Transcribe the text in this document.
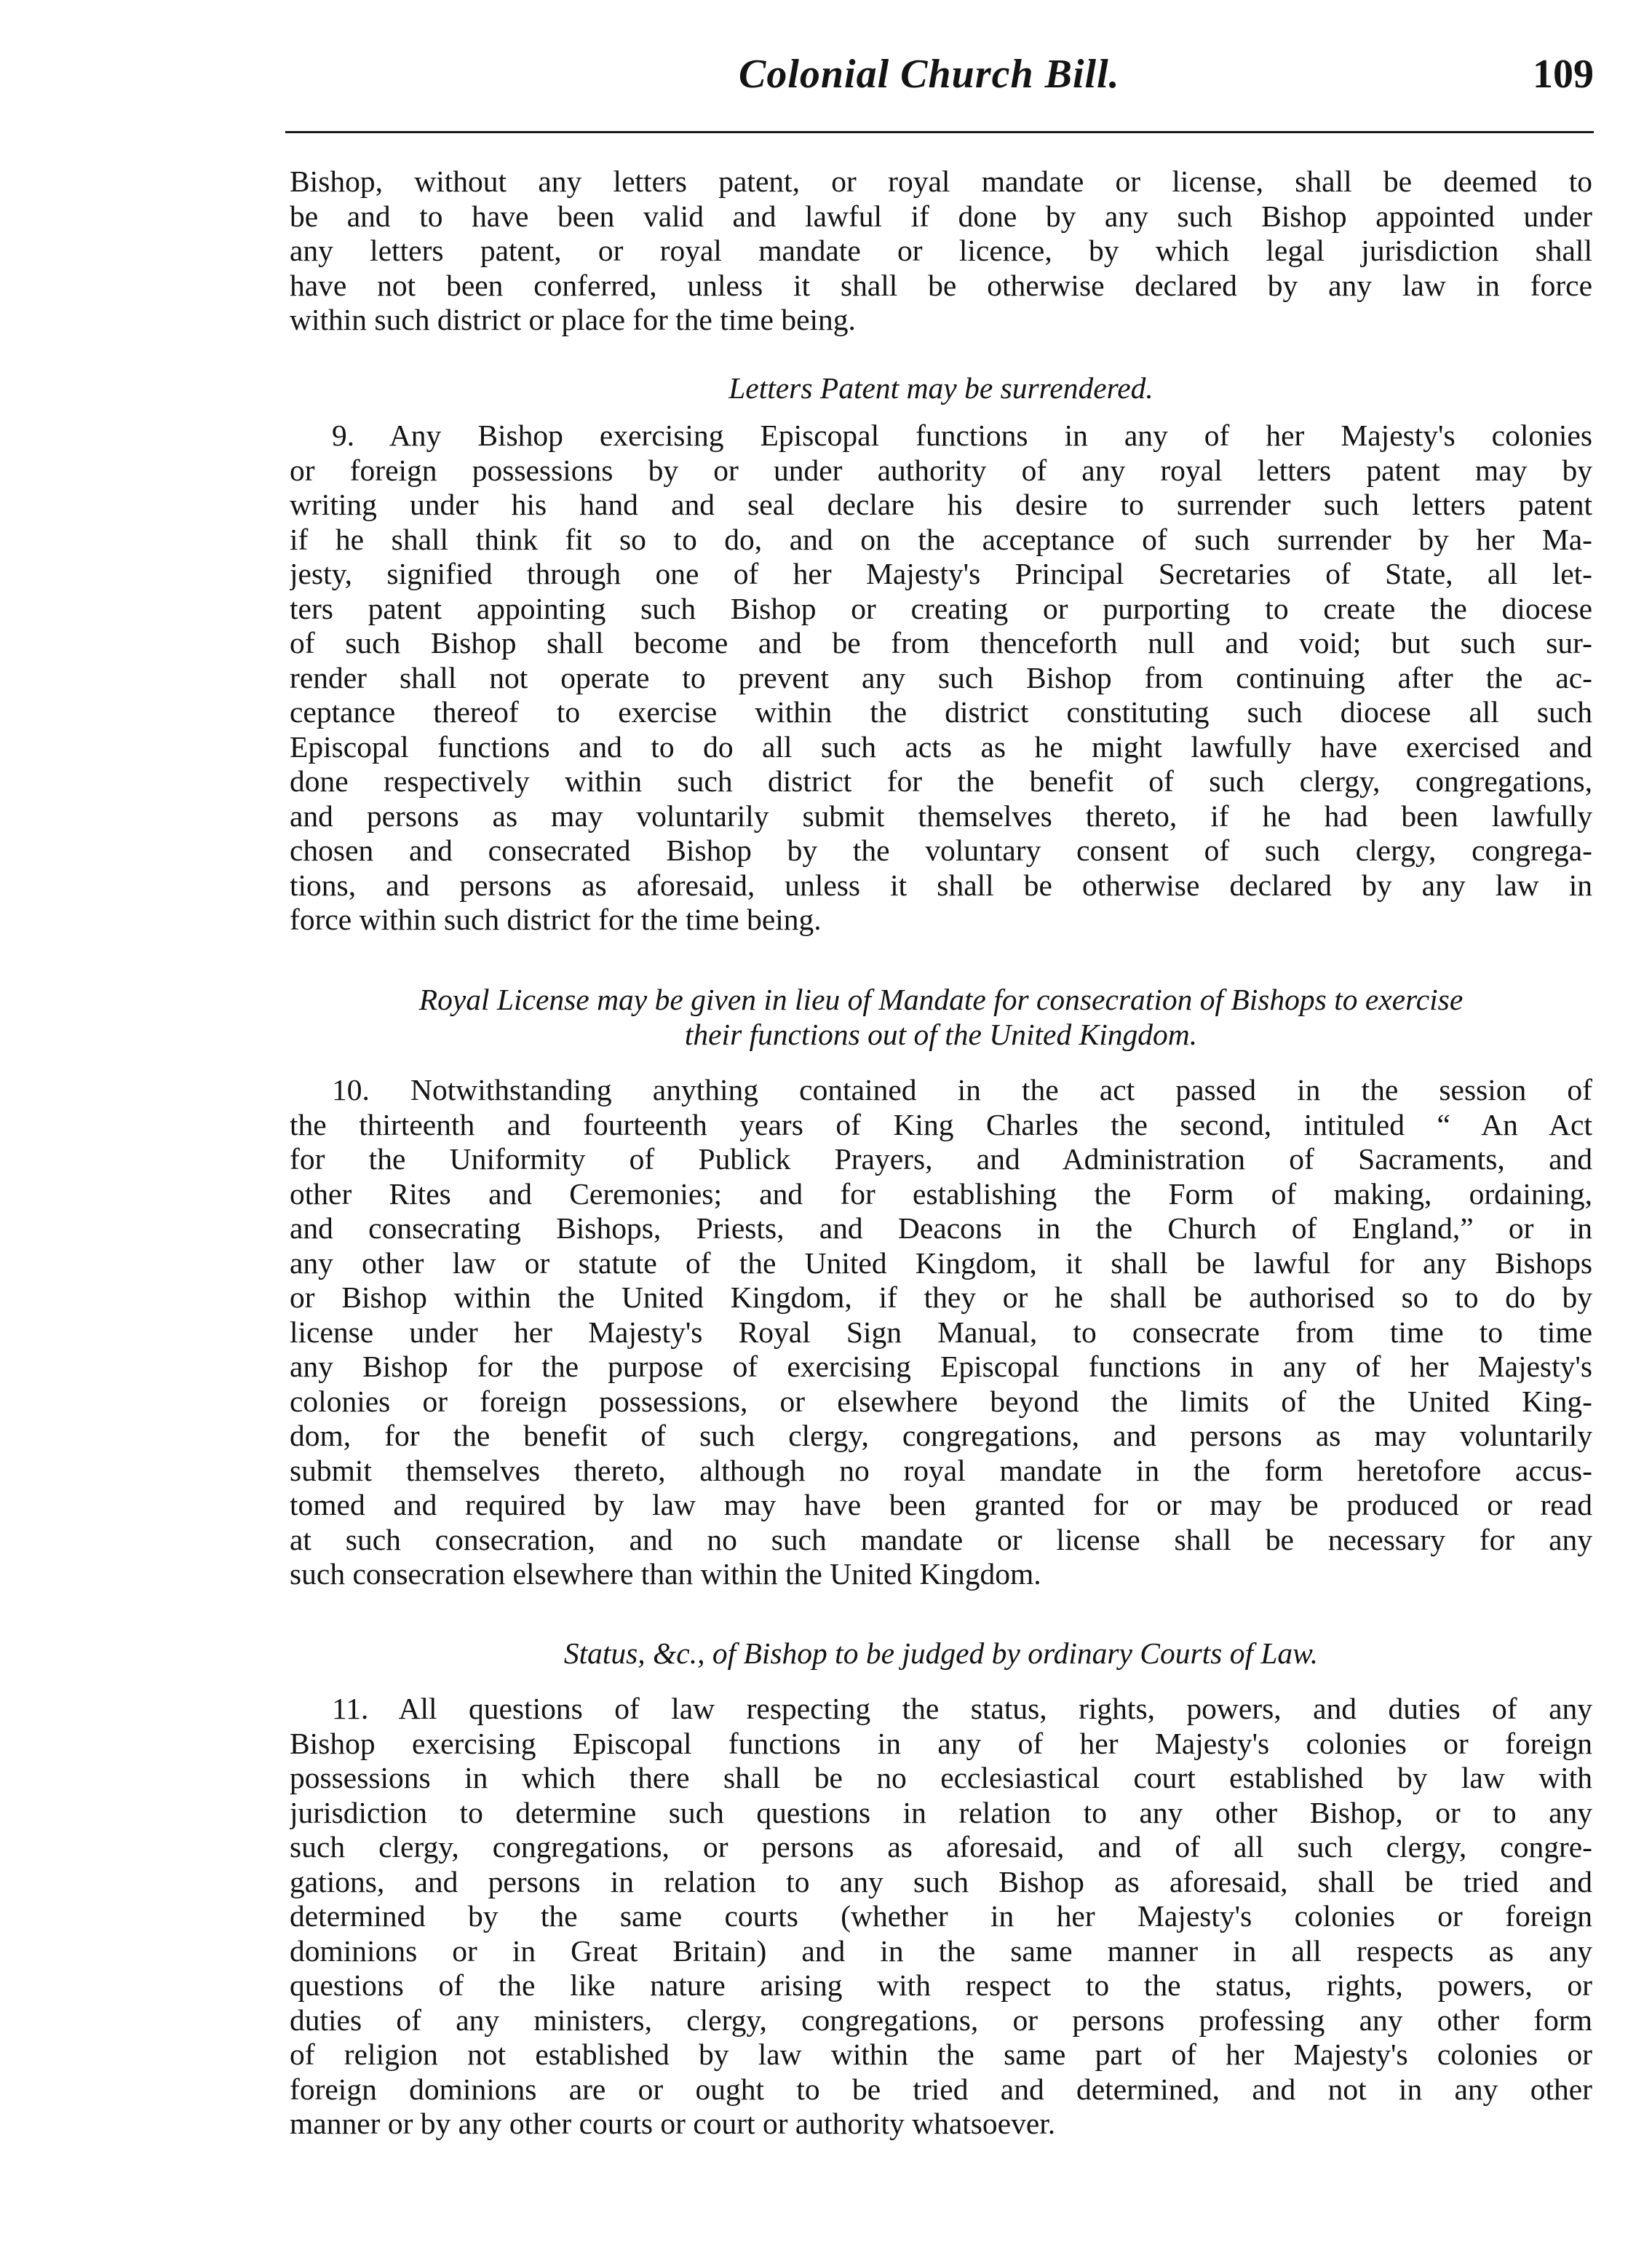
Colonial Church Bill.	109
Bishop, without any letters patent, or royal mandate or license, shall be deemed to
be and to have been valid and lawful if done by any such Bishop appointed under
any letters patent, or royal mandate or licence, by which legal jurisdiction shall
have not been conferred, unless it shall be otherwise declared by any law in force
within such district or place for the time being.
Letters Patent may be surrendered.
9. Any Bishop exercising Episcopal functions in any of her Majesty's colonies
or foreign possessions by or under authority of any royal letters patent may by
writing under his hand and seal declare his desire to surrender such letters patent
if he shall think fit so to do, and on the acceptance of such surrender by her Ma-
jesty, signified through one of her Majesty's Principal Secretaries of State, all let-
ters patent appointing such Bishop or creating or purporting to create the diocese
of such Bishop shall become and be from thenceforth null and void; but such sur-
render shall not operate to prevent any such Bishop from continuing after the ac-
ceptance thereof to exercise within the district constituting such diocese all such
Episcopal functions and to do all such acts as he might lawfully have exercised and
done respectively within such district for the benefit of such clergy, congregations,
and persons as may voluntarily submit themselves thereto, if he had been lawfully
chosen and consecrated Bishop by the voluntary consent of such clergy, congrega-
tions, and persons as aforesaid, unless it shall be otherwise declared by any law in
force within such district for the time being.
Royal License may be given in lieu of Mandate for consecration of Bishops to exercise
their functions out of the United Kingdom.
10. Notwithstanding anything contained in the act passed in the session of
the thirteenth and fourteenth years of King Charles the second, intituled “ An Act
for the Uniformity of Publick Prayers, and Administration of Sacraments, and
other Rites and Ceremonies; and for establishing the Form of making, ordaining,
and consecrating Bishops, Priests, and Deacons in the Church of England,” or in
any other law or statute of the United Kingdom, it shall be lawful for any Bishops
or Bishop within the United Kingdom, if they or he shall be authorised so to do by
license under her Majesty's Royal Sign Manual, to consecrate from time to time
any Bishop for the purpose of exercising Episcopal functions in any of her Majesty's
colonies or foreign possessions, or elsewhere beyond the limits of the United King-
dom, for the benefit of such clergy, congregations, and persons as may voluntarily
submit themselves thereto, although no royal mandate in the form heretofore accus-
tomed and required by law may have been granted for or may be produced or read
at such consecration, and no such mandate or license shall be necessary for any
such consecration elsewhere than within the United Kingdom.
Status, &c., of Bishop to be judged by ordinary Courts of Law.
11. All questions of law respecting the status, rights, powers, and duties of any
Bishop exercising Episcopal functions in any of her Majesty's colonies or foreign
possessions in which there shall be no ecclesiastical court established by law with
jurisdiction to determine such questions in relation to any other Bishop, or to any
such clergy, congregations, or persons as aforesaid, and of all such clergy, congre-
gations, and persons in relation to any such Bishop as aforesaid, shall be tried and
determined by the same courts (whether in her Majesty's colonies or foreign
dominions or in Great Britain) and in the same manner in all respects as any
questions of the like nature arising with respect to the status, rights, powers, or
duties of any ministers, clergy, congregations, or persons professing any other form
of religion not established by law within the same part of her Majesty's colonies or
foreign dominions are or ought to be tried and determined, and not in any other
manner or by any other courts or court or authority whatsoever.
